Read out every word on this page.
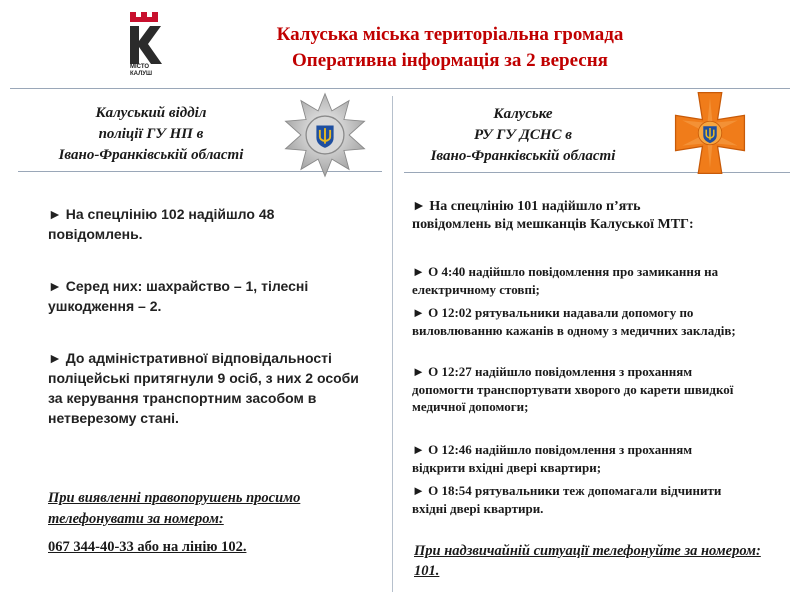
МІСТО
КАЛУШ
Калуська міська територіальна громада
Оперативна інформація за 2 вересня
Калуський відділ
поліції ГУ НП в
Івано-Франківській області
► На спецлінію 102 надійшло 48 повідомлень.
► Серед них: шахрайство – 1, тілесні ушкодження – 2.
► До адміністративної відповідальності поліцейські притягнули 9 осіб, з них 2 особи за керування транспортним засобом в нетверезому стані.
При виявленні правопорушень просимо телефонувати за номером:
067 344-40-33 або на лінію 102.
Калуське
РУ ГУ ДСНС в
Івано-Франківській області
► На спецлінію 101 надійшло п’ять повідомлень від мешканців Калуської МТГ:
► О 4:40 надійшло повідомлення про замикання на електричному стовпі;
► О 12:02 рятувальники надавали допомогу по виловлюванню кажанів в одному з медичних закладів;
► О 12:27 надійшло повідомлення з проханням допомогти транспортувати хворого до карети швидкої медичної допомоги;
► О 12:46 надійшло повідомлення з проханням відкрити вхідні двері квартири;
► О 18:54 рятувальники теж допомагали відчинити вхідні двері квартири.
При надзвичайній ситуації телефонуйте за номером: 101.
